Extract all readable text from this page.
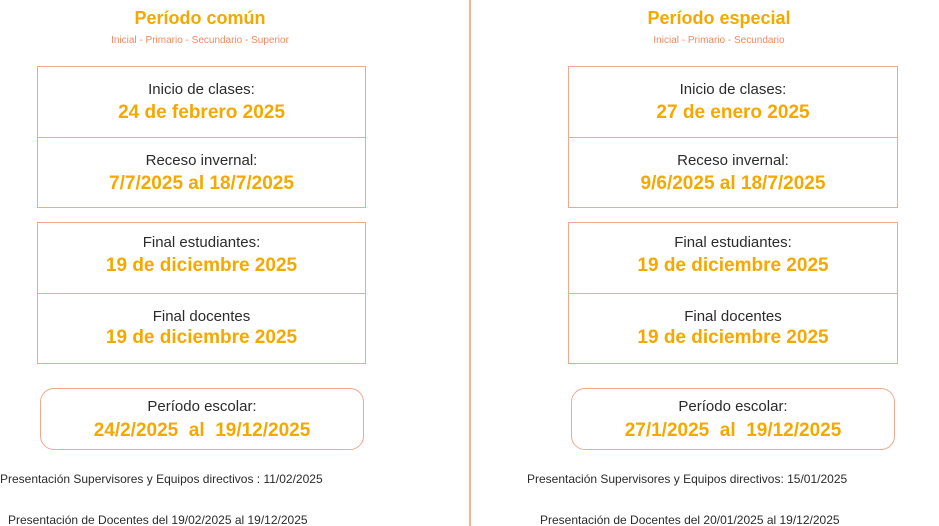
Período común
Inicial - Primario - Secundario - Superior
Inicio de clases:
24 de febrero 2025
Receso invernal:
7/7/2025 al 18/7/2025
Final estudiantes:
19 de diciembre 2025
Final docentes
19 de diciembre 2025
Período escolar:
24/2/2025  al  19/12/2025
Presentación Supervisores y Equipos directivos : 11/02/2025
Presentación de Docentes del 19/02/2025 al 19/12/2025
Período especial
Inicial - Primario - Secundario
Inicio de clases:
27 de enero 2025
Receso invernal:
9/6/2025 al 18/7/2025
Final estudiantes:
19 de diciembre 2025
Final docentes
19 de diciembre 2025
Período escolar:
27/1/2025  al  19/12/2025
Presentación Supervisores y Equipos directivos: 15/01/2025
Presentación de Docentes del 20/01/2025 al 19/12/2025
